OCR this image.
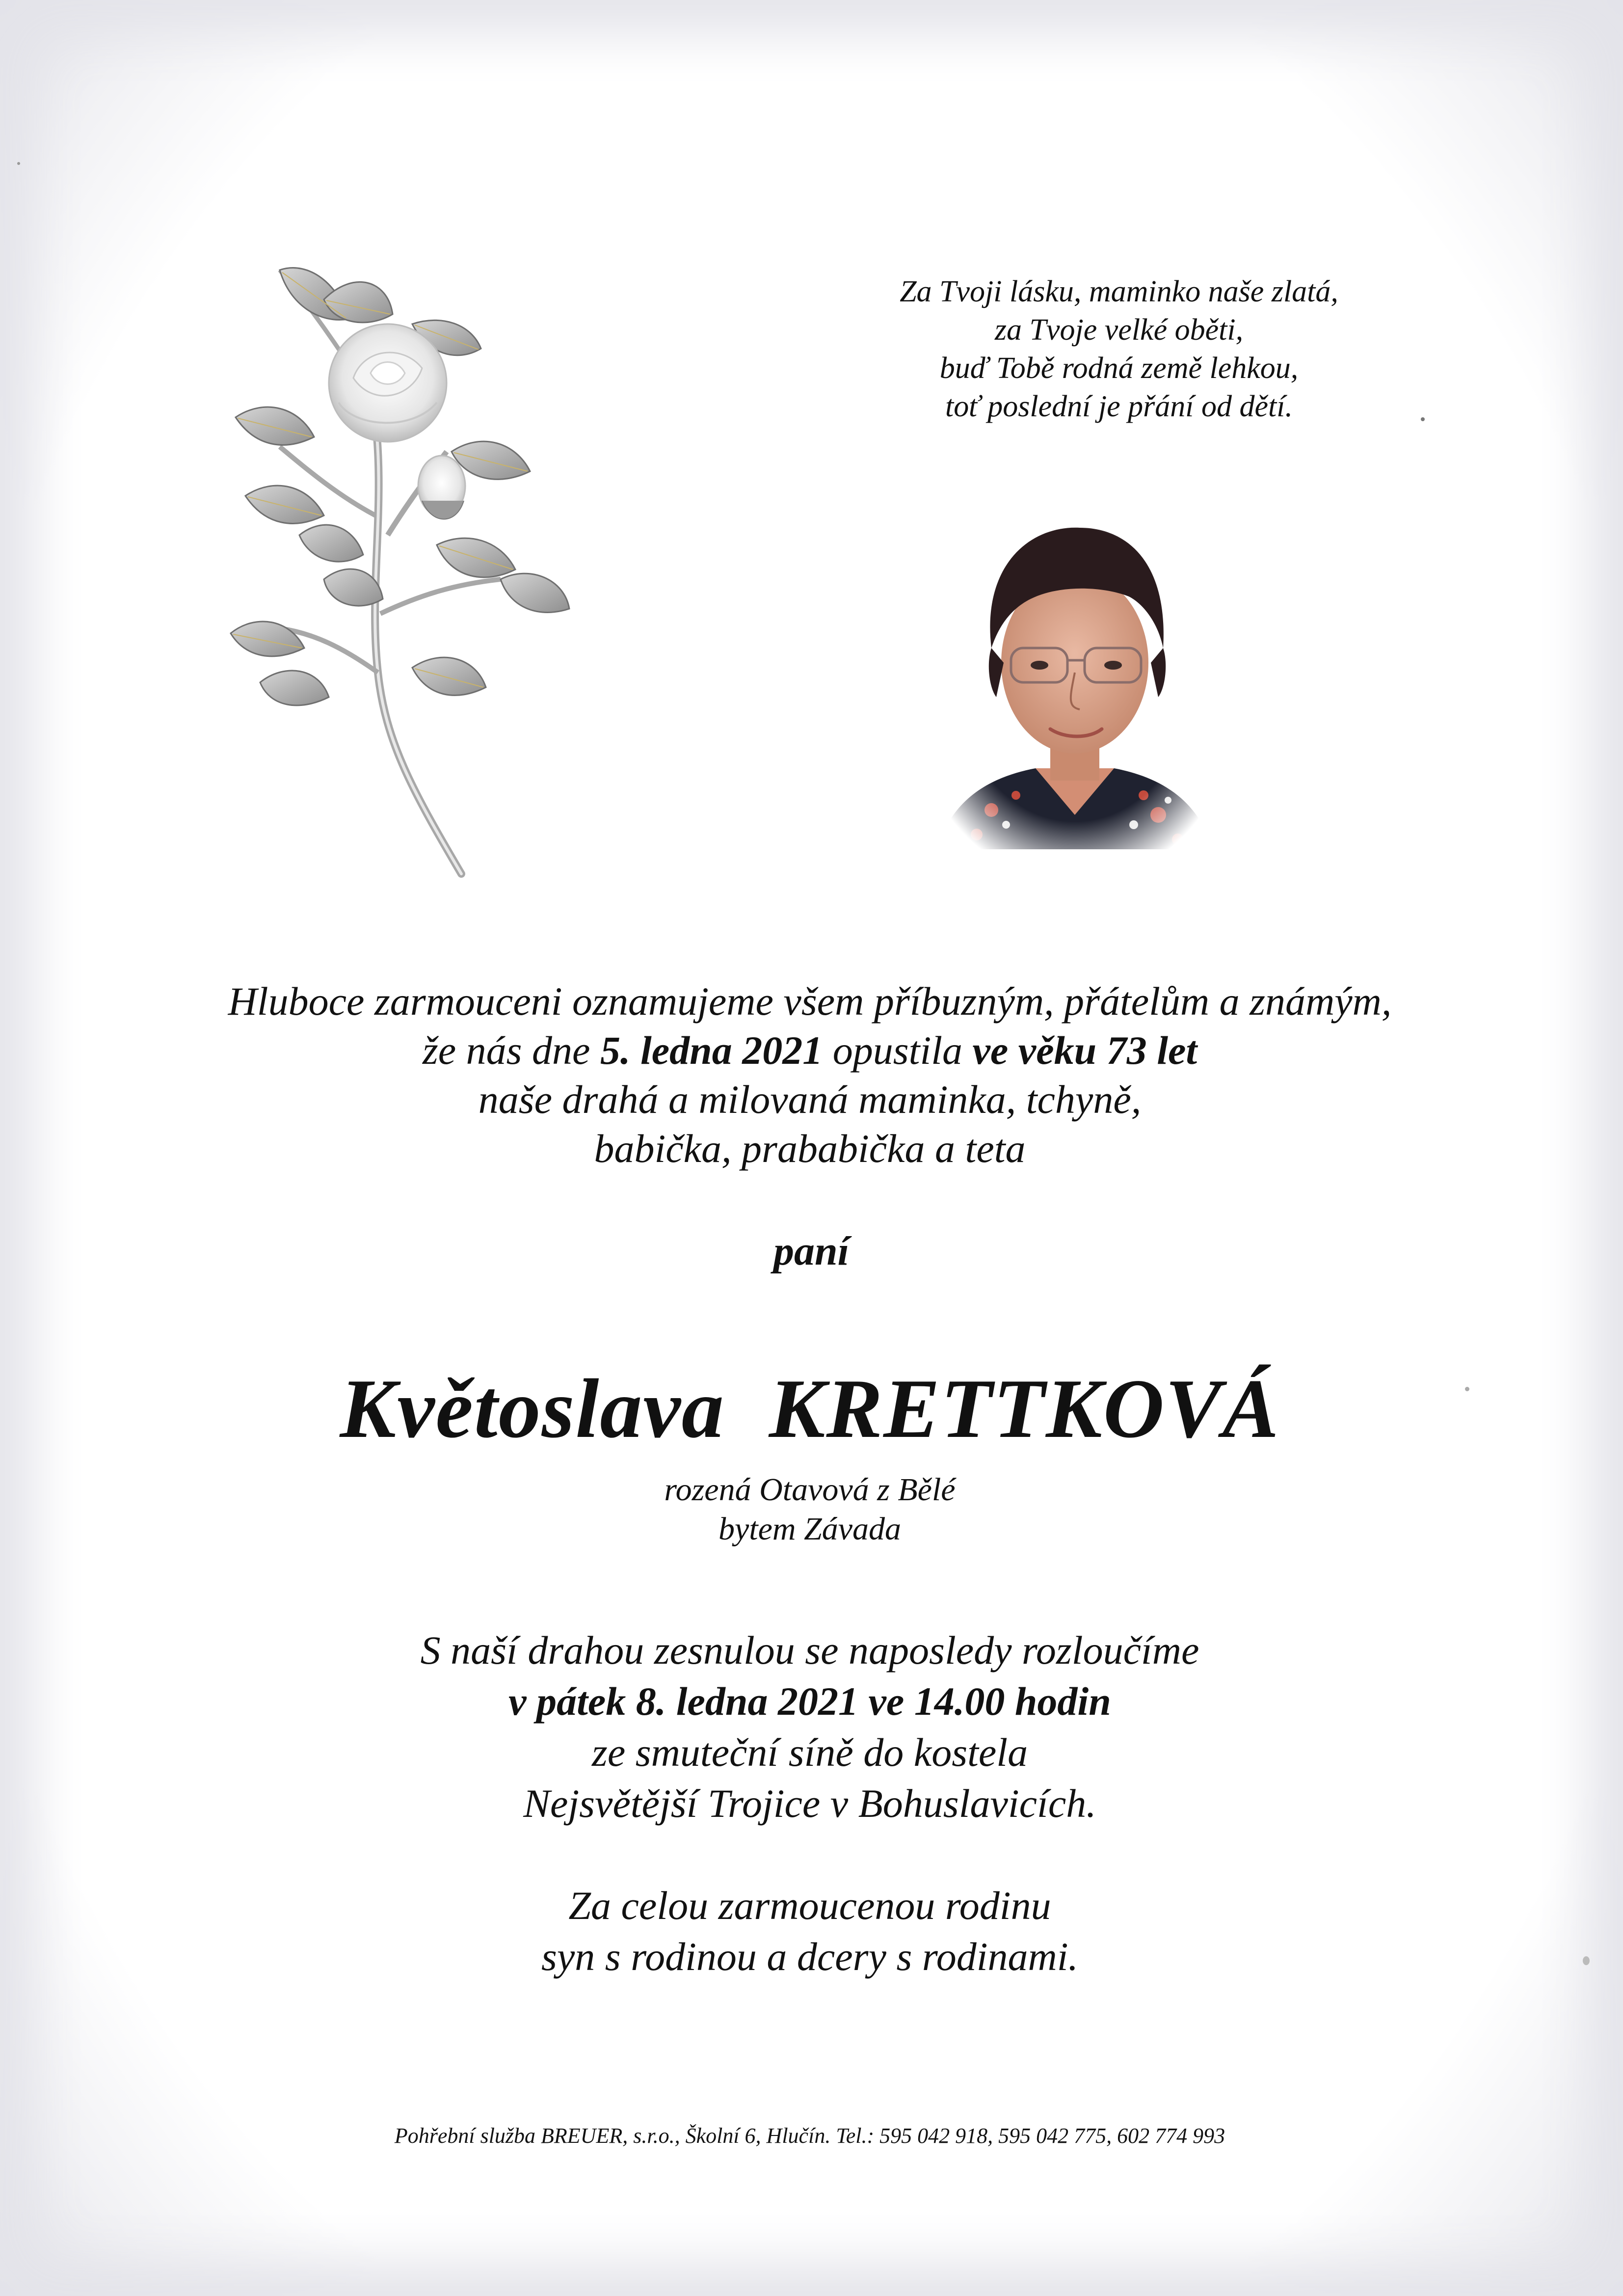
Za Tvoji lásku, maminko naše zlatá,
za Tvoje velké oběti,
buď Tobě rodná země lehkou,
toť poslední je přání od dětí.
Hluboce zarmouceni oznamujeme všem příbuzným, přátelům a známým,
že nás dne 5. ledna 2021 opustila ve věku 73 let
naše drahá a milovaná maminka, tchyně,
babička, prababička a teta
paní
Květoslava KRETTKOVÁ
rozená Otavová z Bělé
bytem Závada
S naší drahou zesnulou se naposledy rozloučíme
v pátek 8. ledna 2021 ve 14.00 hodin
ze smuteční síně do kostela
Nejsvětější Trojice v Bohuslavicích.
Za celou zarmoucenou rodinu
syn s rodinou a dcery s rodinami.
Pohřební služba BREUER, s.r.o., Školní 6, Hlučín. Tel.: 595 042 918, 595 042 775, 602 774 993
